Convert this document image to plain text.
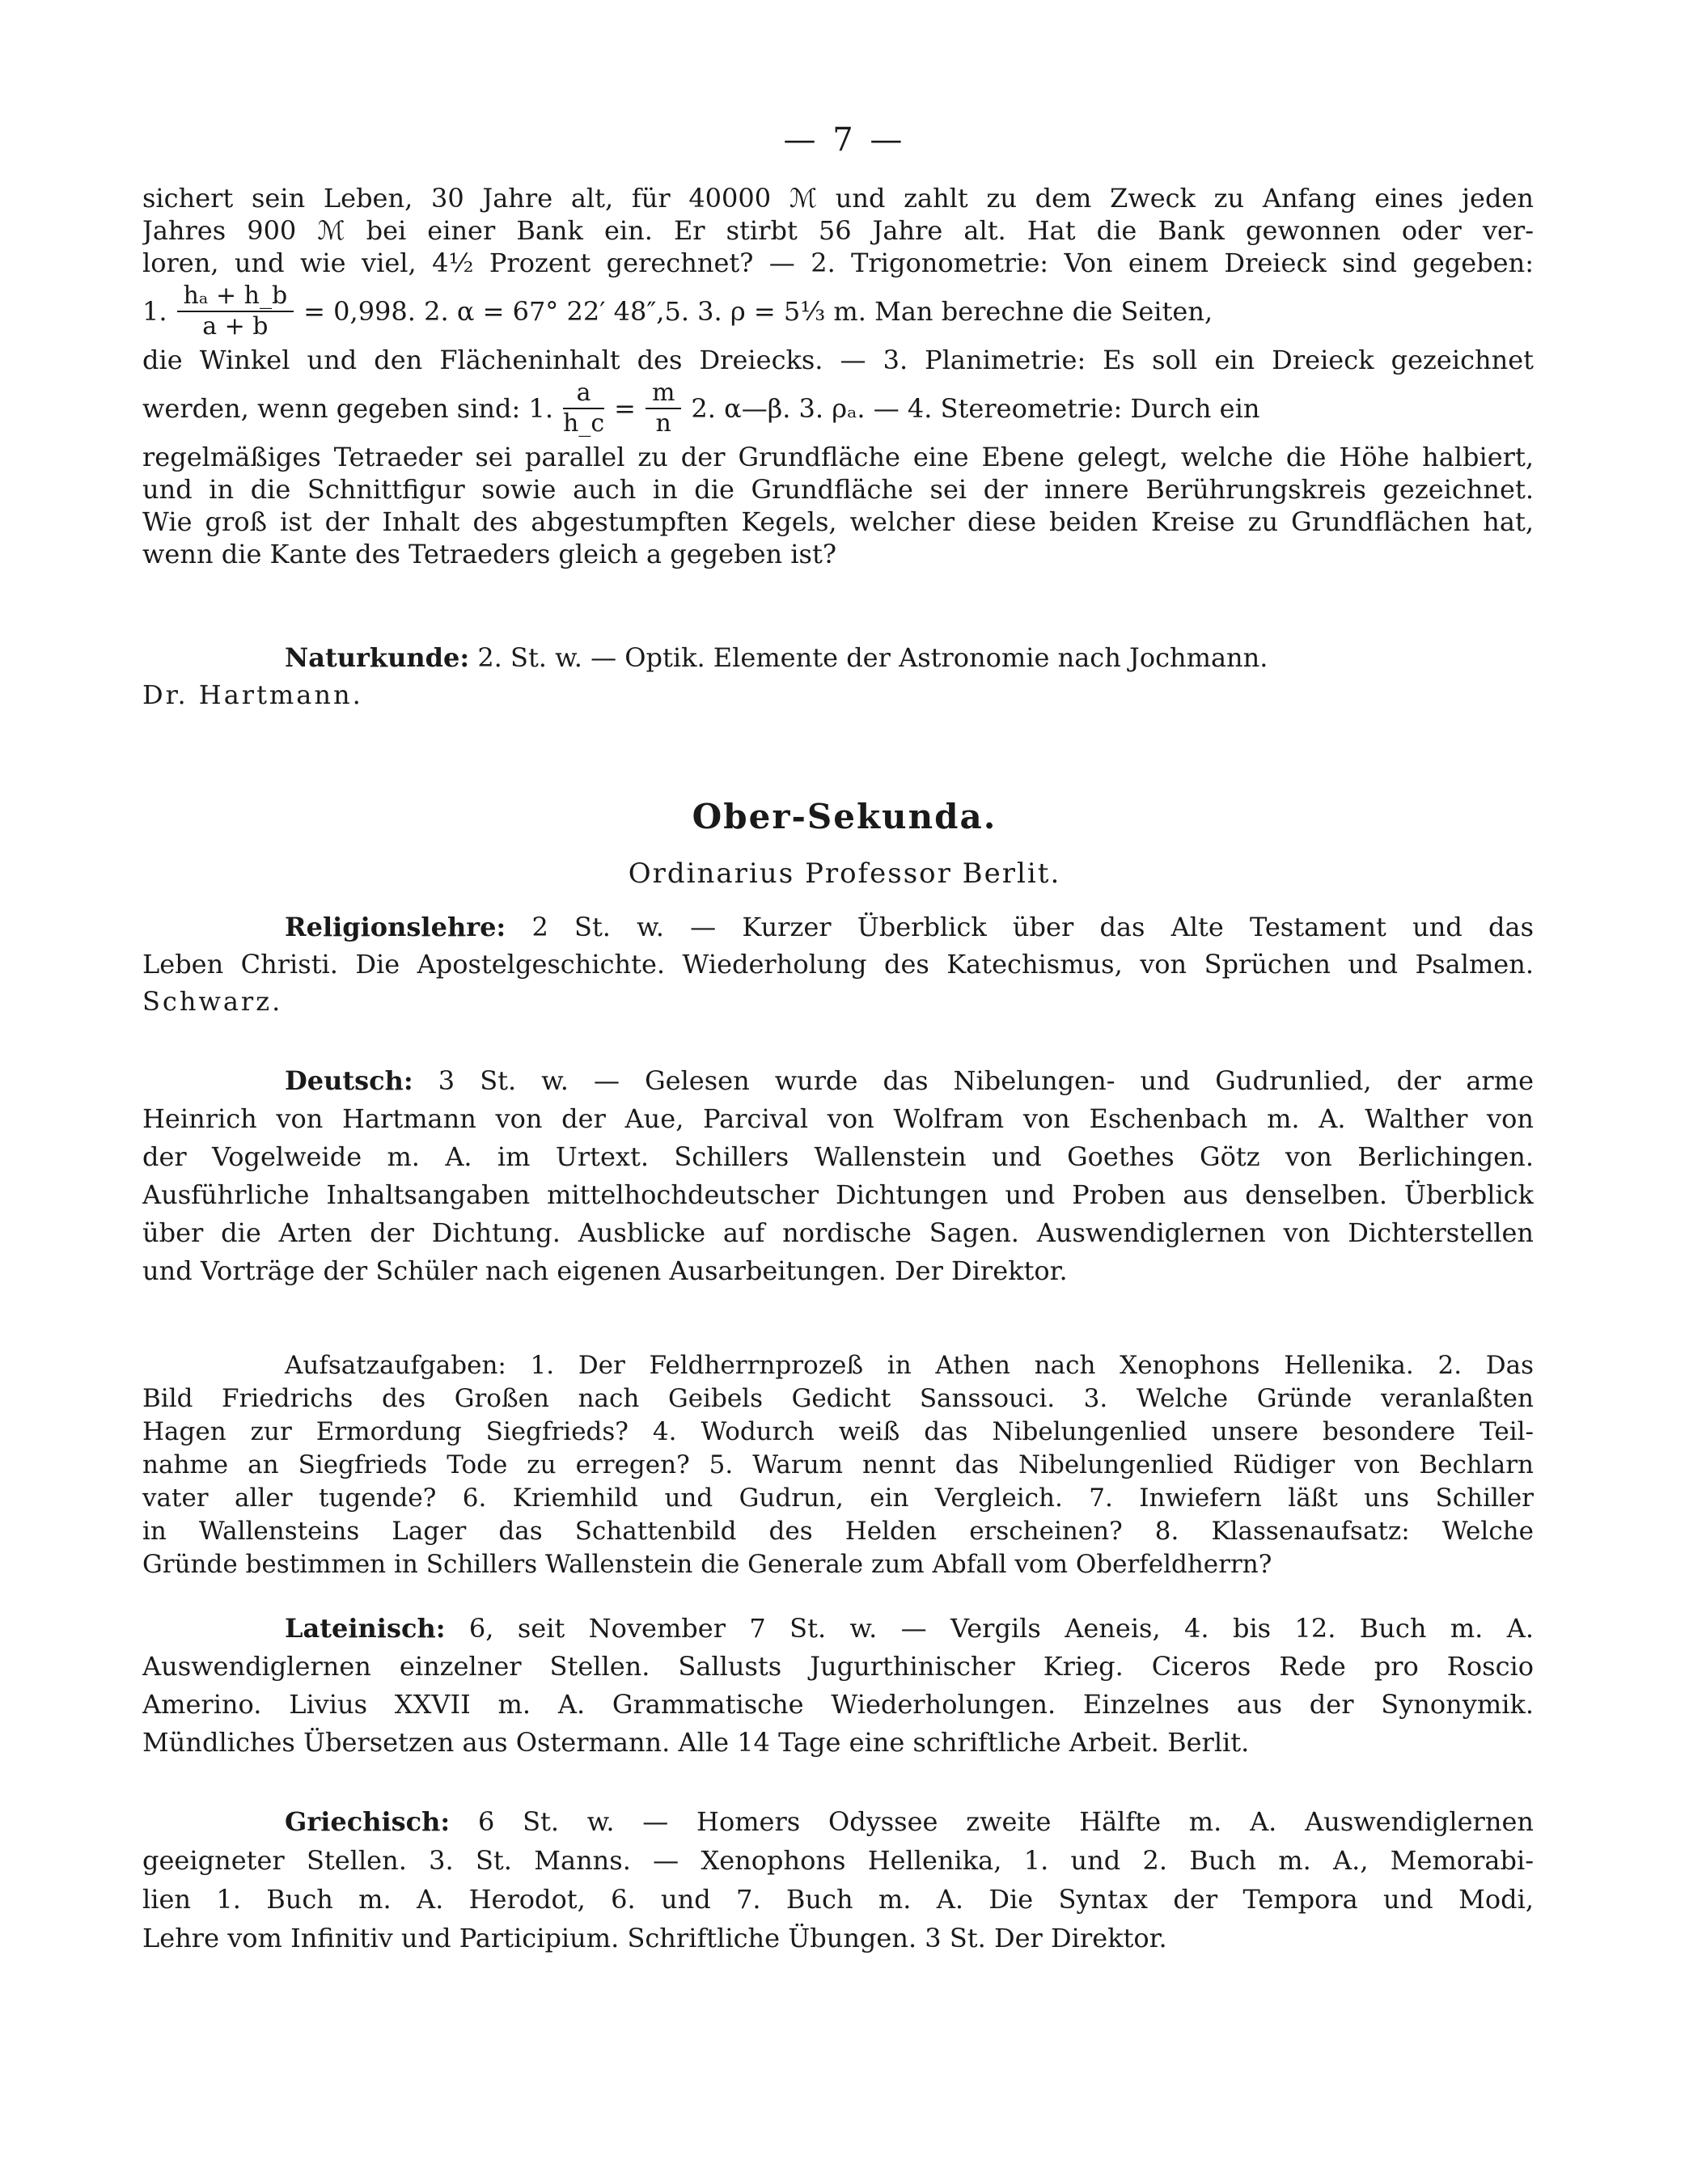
— 7 —
sichert sein Leben, 30 Jahre alt, für 40000 ℳ und zahlt zu dem Zweck zu Anfang eines jeden
Jahres 900 ℳ bei einer Bank ein. Er stirbt 56 Jahre alt. Hat die Bank gewonnen oder ver-
loren, und wie viel, 4½ Prozent gerechnet? — 2. Trigonometrie: Von einem Dreieck sind gegeben:
1. $\frac{\text{hₐ + h\_b}}{a + b} = 0,998$. 2. α = 67° 22′ 48″,5. 3. ρ = 5⅓ m. Man berechne die Seiten,
die Winkel und den Flächeninhalt des Dreiecks. — 3. Planimetrie: Es soll ein Dreieck gezeichnet
werden, wenn gegeben sind: 1. $\frac{a}{h\_c} = \frac{m}{n} 2$. α—β. 3. ρₐ. — 4. Stereometrie: Durch ein
regelmäßiges Tetraeder sei parallel zu der Grundfläche eine Ebene gelegt, welche die Höhe halbiert,
und in die Schnittfigur sowie auch in die Grundfläche sei der innere Berührungskreis gezeichnet.
Wie groß ist der Inhalt des abgestumpften Kegels, welcher diese beiden Kreise zu Grundflächen hat,
wenn die Kante des Tetraeders gleich a gegeben ist?
Naturkunde: 2. St. w. — Optik. Elemente der Astronomie nach Jochmann.
Dr. Hartmann.
Ober-Sekunda.
Ordinarius Professor Berlit.
Religionslehre: 2 St. w. — Kurzer Überblick über das Alte Testament und das
Leben Christi. Die Apostelgeschichte. Wiederholung des Katechismus, von Sprüchen und Psalmen.
Schwarz.
Deutsch: 3 St. w. — Gelesen wurde das Nibelungen- und Gudrunlied, der arme
Heinrich von Hartmann von der Aue, Parcival von Wolfram von Eschenbach m. A. Walther von
der Vogelweide m. A. im Urtext. Schillers Wallenstein und Goethes Götz von Berlichingen.
Ausführliche Inhaltsangaben mittelhochdeutscher Dichtungen und Proben aus denselben. Überblick
über die Arten der Dichtung. Ausblicke auf nordische Sagen. Auswendiglernen von Dichterstellen
und Vorträge der Schüler nach eigenen Ausarbeitungen. Der Direktor.
Aufsatzaufgaben: 1. Der Feldherrnprozeß in Athen nach Xenophons Hellenika. 2. Das
Bild Friedrichs des Großen nach Geibels Gedicht Sanssouci. 3. Welche Gründe veranlaßten
Hagen zur Ermordung Siegfrieds? 4. Wodurch weiß das Nibelungenlied unsere besondere Teil-
nahme an Siegfrieds Tode zu erregen? 5. Warum nennt das Nibelungenlied Rüdiger von Bechlarn
vater aller tugende? 6. Kriemhild und Gudrun, ein Vergleich. 7. Inwiefern läßt uns Schiller
in Wallensteins Lager das Schattenbild des Helden erscheinen? 8. Klassenaufsatz: Welche
Gründe bestimmen in Schillers Wallenstein die Generale zum Abfall vom Oberfeldherrn?
Lateinisch: 6, seit November 7 St. w. — Vergils Aeneis, 4. bis 12. Buch m. A.
Auswendiglernen einzelner Stellen. Sallusts Jugurthinischer Krieg. Ciceros Rede pro Roscio
Amerino. Livius XXVII m. A. Grammatische Wiederholungen. Einzelnes aus der Synonymik.
Mündliches Übersetzen aus Ostermann. Alle 14 Tage eine schriftliche Arbeit. Berlit.
Griechisch: 6 St. w. — Homers Odyssee zweite Hälfte m. A. Auswendiglernen
geeigneter Stellen. 3. St. Manns. — Xenophons Hellenika, 1. und 2. Buch m. A., Memorabi-
lien 1. Buch m. A. Herodot, 6. und 7. Buch m. A. Die Syntax der Tempora und Modi,
Lehre vom Infinitiv und Participium. Schriftliche Übungen. 3 St. Der Direktor.
